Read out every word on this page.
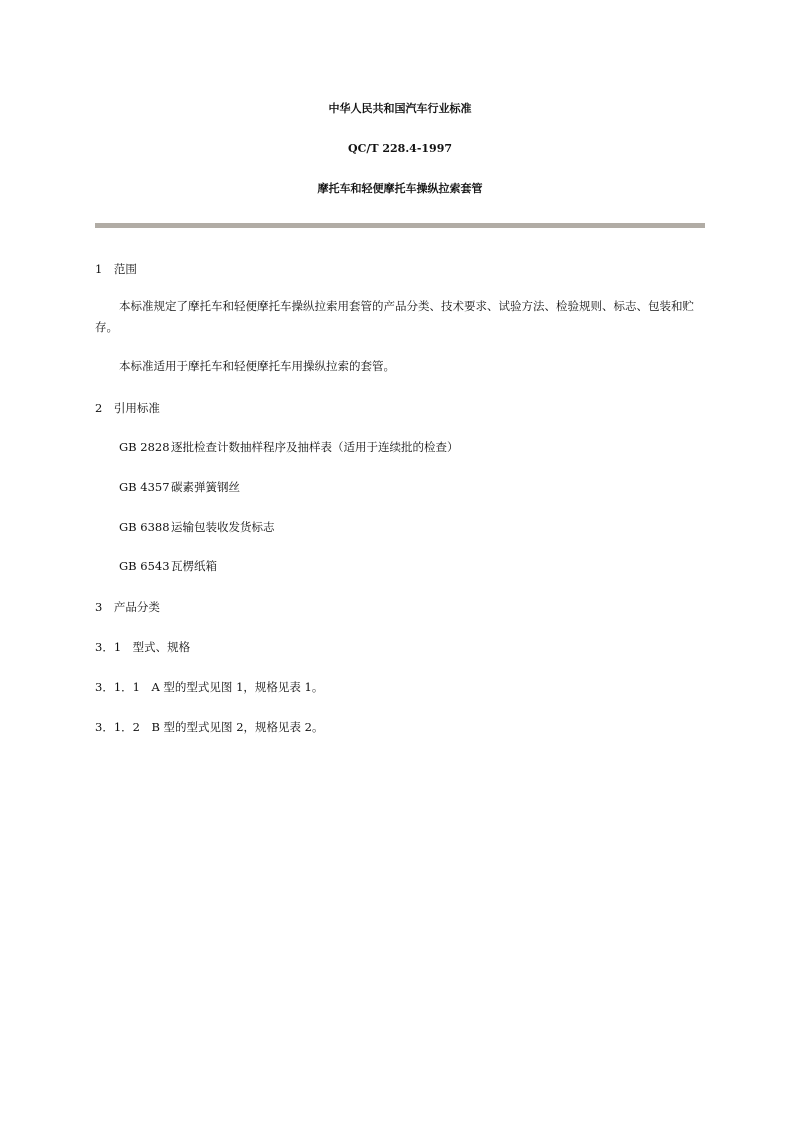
中华人民共和国汽车行业标准
QC/T 228.4-1997
摩托车和轻便摩托车操纵拉索套管
1　范围
本标准规定了摩托车和轻便摩托车操纵拉索用套管的产品分类、技术要求、试验方法、检验规则、标志、包装和贮存。
本标准适用于摩托车和轻便摩托车用操纵拉索的套管。
2　引用标准
GB 2828逐批检查计数抽样程序及抽样表（适用于连续批的检查）
GB 4357碳素弹簧钢丝
GB 6388运输包装收发货标志
GB 6543瓦楞纸箱
3　产品分类
3．1　型式、规格
3．1．1　A 型的型式见图 1，规格见表 1。
3．1．2　B 型的型式见图 2，规格见表 2。
